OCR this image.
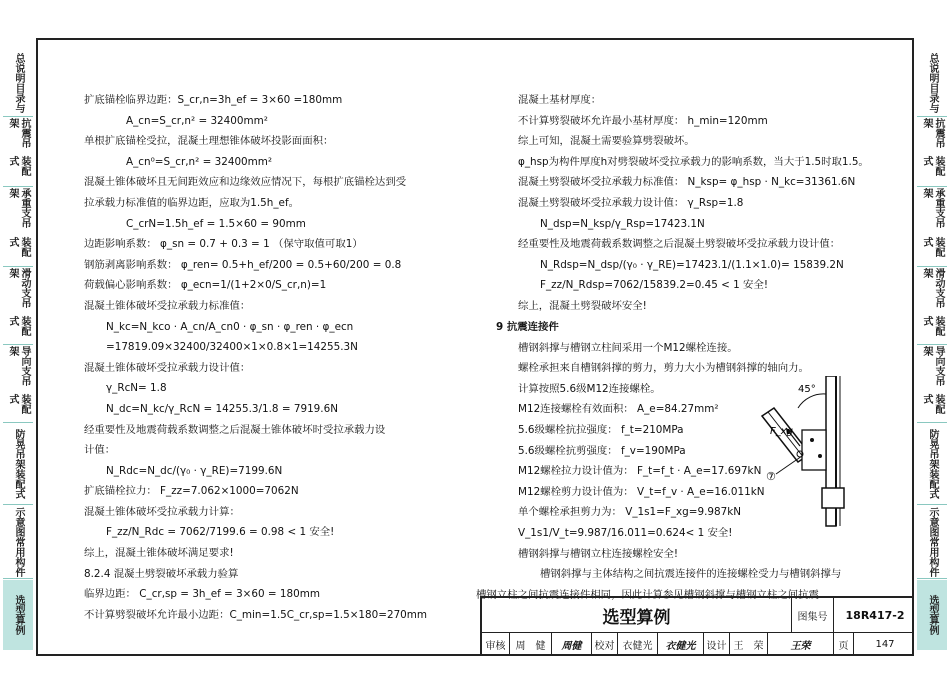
总说明
目录与
抗震吊架
装配式
承重支吊架
装配式
滑动支吊架
装配式
导向支吊架
装配式
防晃吊架
装配式
示意图
常用构件
选型算例
总说明
目录与
抗震吊架
装配式
承重支吊架
装配式
滑动支吊架
装配式
导向支吊架
装配式
防晃吊架
装配式
示意图
常用构件
选型算例
扩底锚栓临界边距：S_cr,n=3h_ef = 3×60 =180mm
A_cn=S_cr,n² = 32400mm²
单根扩底锚栓受拉，混凝土理想锥体破坏投影面面积：
A_cn⁰=S_cr,n² = 32400mm²
混凝土锥体破坏且无间距效应和边缘效应情况下，每根扩底锚栓达到受
拉承载力标准值的临界边距，应取为1.5h_ef。
C_crN=1.5h_ef = 1.5×60 = 90mm
边距影响系数： φ_sn = 0.7 + 0.3 = 1 （保守取值可取1）
钢筋剥离影响系数： φ_ren= 0.5+h_ef/200 = 0.5+60/200 = 0.8
荷载偏心影响系数： φ_ecn=1/(1+2×0/S_cr,n)=1
混凝土锥体破坏受拉承载力标准值：
N_kc=N_kco · A_cn/A_cn0 · φ_sn · φ_ren · φ_ecn
=17819.09×32400/32400×1×0.8×1=14255.3N
混凝土锥体破坏受拉承载力设计值：
γ_RcN= 1.8
N_dc=N_kc/γ_RcN = 14255.3/1.8 = 7919.6N
经重要性及地震荷载系数调整之后混凝土锥体破坏时受拉承载力设
计值：
N_Rdc=N_dc/(γ₀ · γ_RE)=7199.6N
扩底锚栓拉力： F_zz=7.062×1000=7062N
混凝土锥体破坏受拉承载力计算：
F_zz/N_Rdc = 7062/7199.6 = 0.98 < 1 安全!
综上，混凝土锥体破坏满足要求!
8.2.4 混凝土劈裂破坏承载力验算
临界边距： C_cr,sp = 3h_ef = 3×60 = 180mm
不计算劈裂破坏允许最小边距：C_min=1.5C_cr,sp=1.5×180=270mm
混凝土基材厚度：
不计算劈裂破坏允许最小基材厚度： h_min=120mm
综上可知，混凝土需要验算劈裂破坏。
φ_hsp为构件厚度h对劈裂破坏受拉承载力的影响系数，当大于1.5时取1.5。
混凝土劈裂破坏受拉承载力标准值： N_ksp= φ_hsp · N_kc=31361.6N
混凝土劈裂破坏受拉承载力设计值： γ_Rsp=1.8
N_dsp=N_ksp/γ_Rsp=17423.1N
经重要性及地震荷载系数调整之后混凝土劈裂破坏受拉承载力设计值：
N_Rdsp=N_dsp/(γ₀ · γ_RE)=17423.1/(1.1×1.0)= 15839.2N
F_zz/N_Rdsp=7062/15839.2=0.45 < 1 安全!
综上，混凝土劈裂破坏安全!
9 抗震连接件
槽钢斜撑与槽钢立柱间采用一个M12螺栓连接。
螺栓承担来自槽钢斜撑的剪力，剪力大小为槽钢斜撑的轴向力。
计算按照5.6级M12连接螺栓。
M12连接螺栓有效面积： A_e=84.27mm²
5.6级螺栓抗拉强度： f_t=210MPa
5.6级螺栓抗剪强度： f_v=190MPa
M12螺栓拉力设计值为： F_t=f_t · A_e=17.697kN
M12螺栓剪力设计值为： V_t=f_v · A_e=16.011kN
单个螺栓承担剪力为： V_1s1=F_xg=9.987kN
V_1s1/V_t=9.987/16.011=0.624< 1 安全!
槽钢斜撑与槽钢立柱连接螺栓安全!
槽钢斜撑与主体结构之间抗震连接件的连接螺栓受力与槽钢斜撑与
槽钢立柱之间抗震连接件相同，因此计算参见槽钢斜撑与槽钢立柱之间抗震
45°
F_xg
⑦
选型算例	图集号	18R417-2
审核	周　健	周健	校对 衣健光	衣健光	设计 王　荣	王荣	页	147
